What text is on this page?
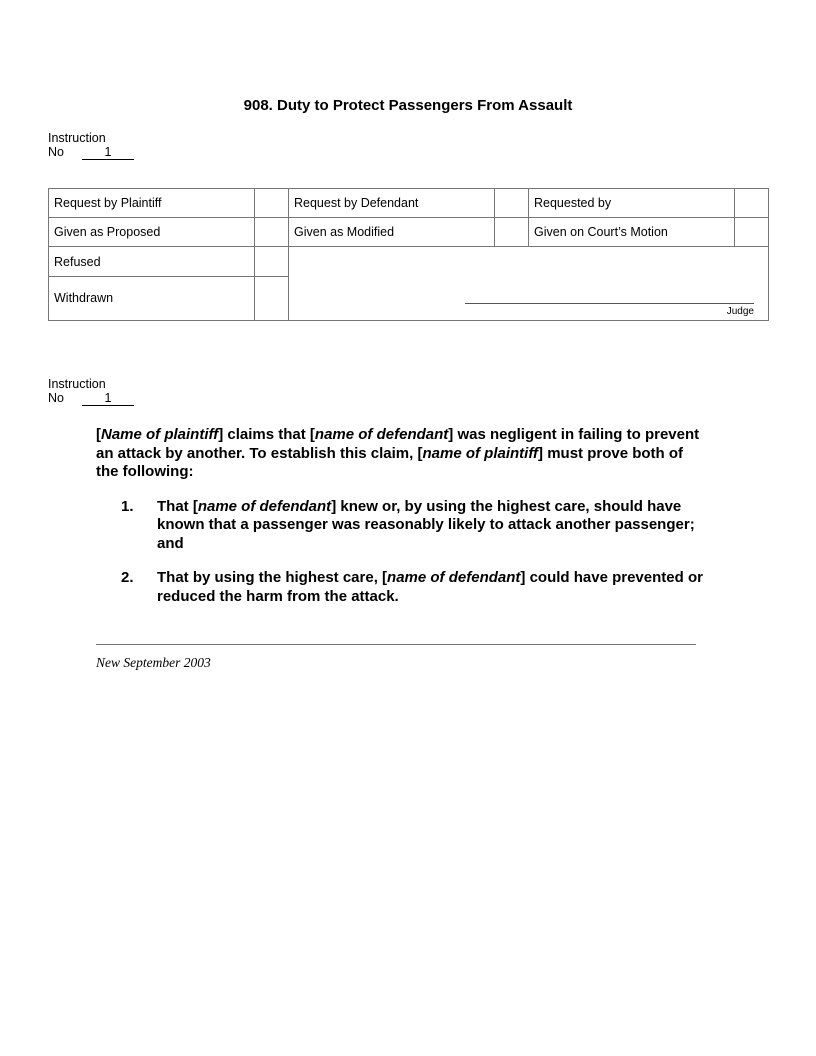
908. Duty to Protect Passengers From Assault
Instruction
No	1
Request by Plaintiff		Request by Defendant		Requested by	
Given as Proposed		Given as Modified		Given on Court’s Motion	
Refused		Judge			

Withdrawn					
Instruction
No	1

[Name of plaintiff] claims that [name of defendant] was negligent in failing to prevent an attack by another. To establish this claim, [name of plaintiff] must prove both of the following:

1.	That [name of defendant] knew or, by using the highest care, should have known that a passenger was reasonably likely to attack another passenger; and
2.	That by using the highest care, [name of defendant] could have prevented or reduced the harm from the attack.
New September 2003
